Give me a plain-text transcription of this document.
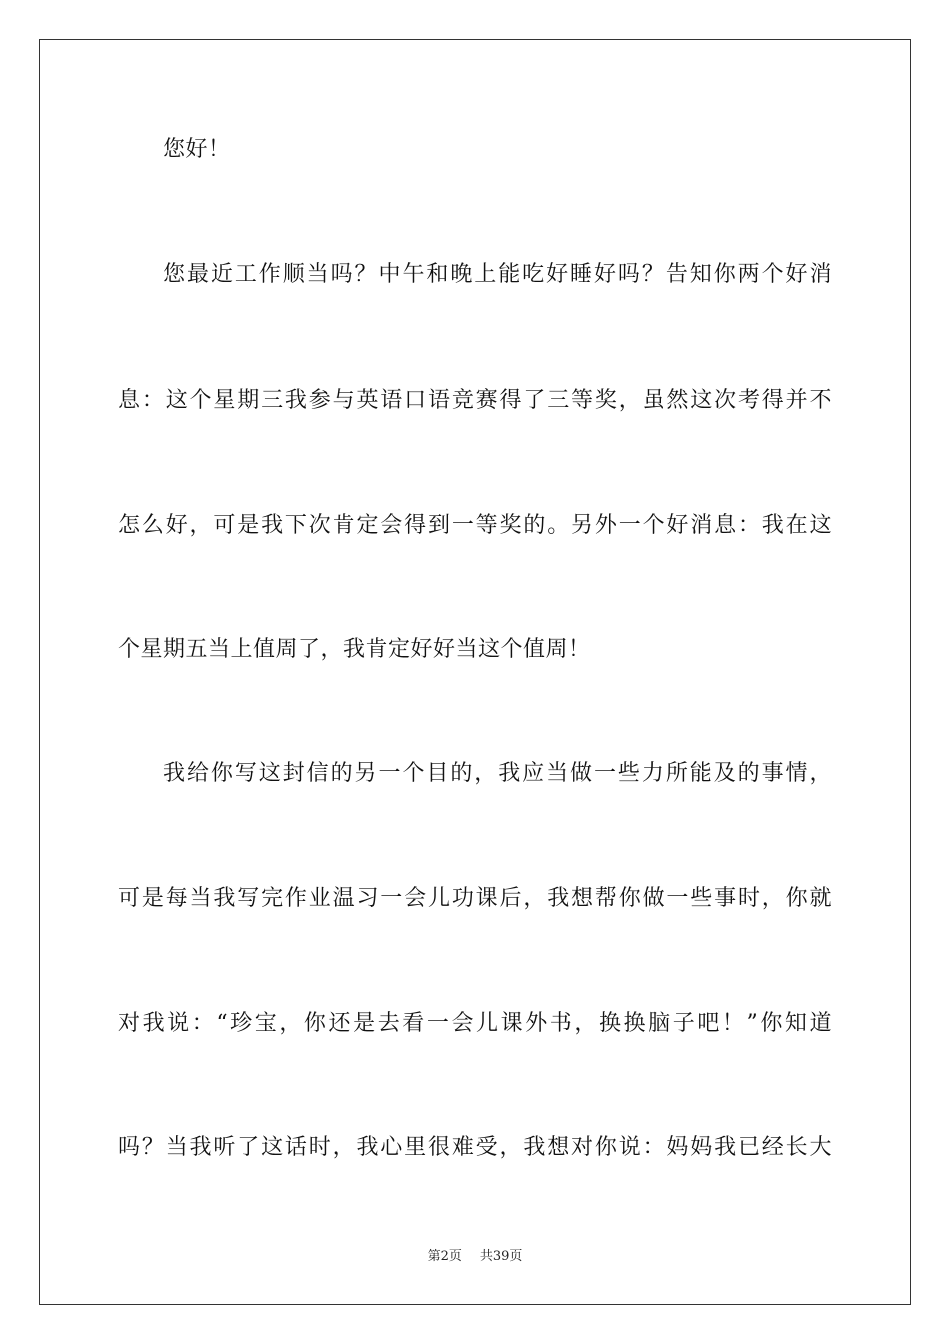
您好！
您最近工作顺当吗？中午和晚上能吃好睡好吗？告知你两个好消
息：这个星期三我参与英语口语竞赛得了三等奖，虽然这次考得并不
怎么好，可是我下次肯定会得到一等奖的。另外一个好消息：我在这
个星期五当上值周了，我肯定好好当这个值周！
我给你写这封信的另一个目的，我应当做一些力所能及的事情，
可是每当我写完作业温习一会儿功课后，我想帮你做一些事时，你就
对我说：“珍宝，你还是去看一会儿课外书，换换脑子吧！”你知道
吗？当我听了这话时，我心里很难受，我想对你说：妈妈我已经长大
第2页 共39页
